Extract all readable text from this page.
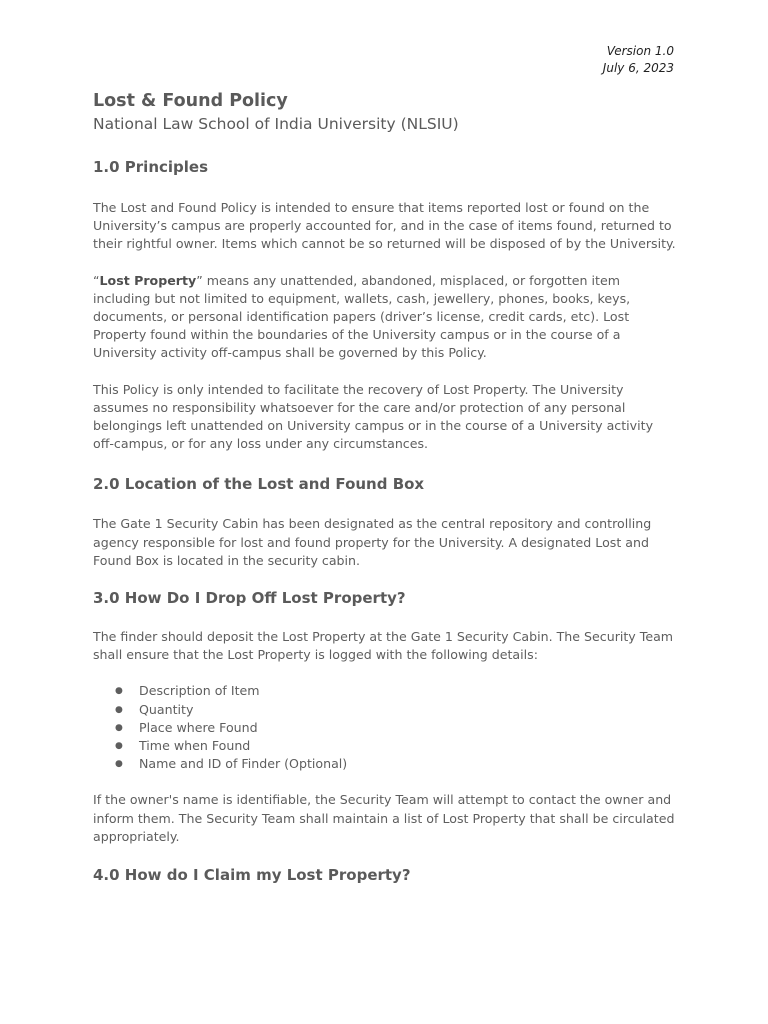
Version 1.0
July 6, 2023
Lost & Found Policy
National Law School of India University (NLSIU)
1.0 Principles

The Lost and Found Policy is intended to ensure that items reported lost or found on the University’s campus are properly accounted for, and in the case of items found, returned to their rightful owner. Items which cannot be so returned will be disposed of by the University.

“Lost Property” means any unattended, abandoned, misplaced, or forgotten item including but not limited to equipment, wallets, cash, jewellery, phones, books, keys, documents, or personal identification papers (driver’s license, credit cards, etc). Lost Property found within the boundaries of the University campus or in the course of a University activity off-campus shall be governed by this Policy.

This Policy is only intended to facilitate the recovery of Lost Property. The University assumes no responsibility whatsoever for the care and/or protection of any personal belongings left unattended on University campus or in the course of a University activity off-campus, or for any loss under any circumstances.

2.0 Location of the Lost and Found Box

The Gate 1 Security Cabin has been designated as the central repository and controlling agency responsible for lost and found property for the University. A designated Lost and Found Box is located in the security cabin.

3.0 How Do I Drop Off Lost Property?

The finder should deposit the Lost Property at the Gate 1 Security Cabin. The Security Team shall ensure that the Lost Property is logged with the following details:

● Description of Item
● Quantity
● Place where Found
● Time when Found
● Name and ID of Finder (Optional)

If the owner's name is identifiable, the Security Team will attempt to contact the owner and inform them. The Security Team shall maintain a list of Lost Property that shall be circulated appropriately.

4.0 How do I Claim my Lost Property?
